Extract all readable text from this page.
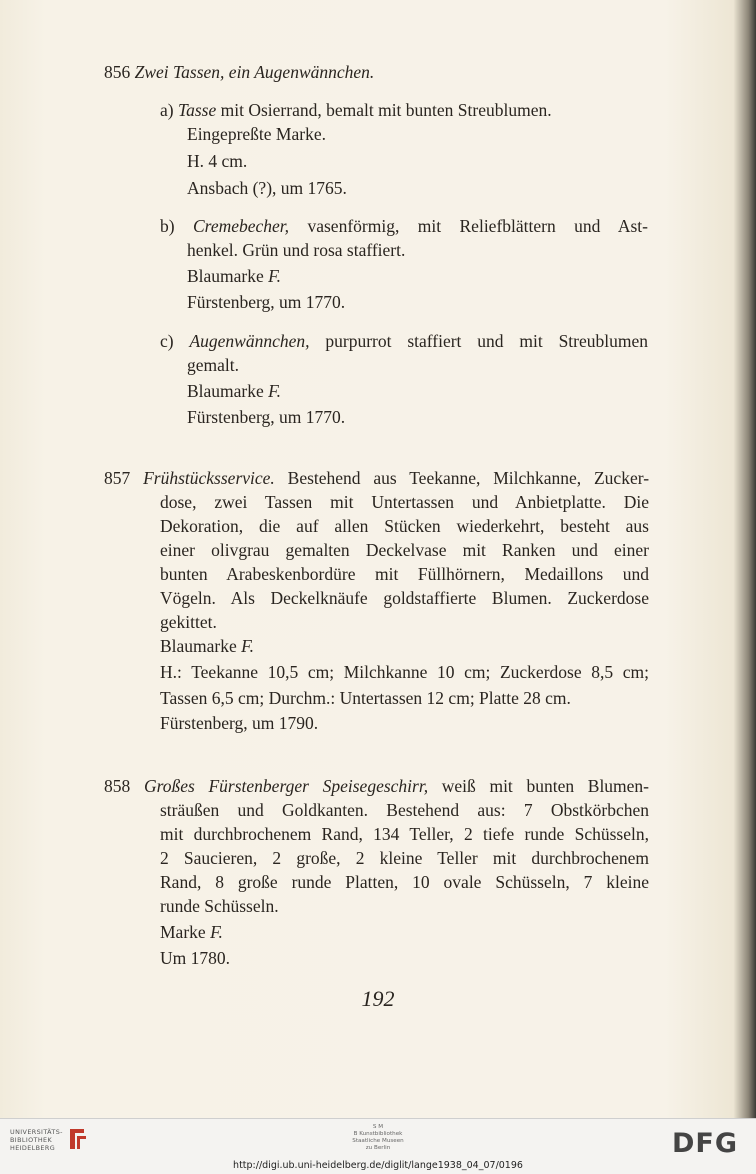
856 Zwei Tassen, ein Augenwännchen.
a) Tasse mit Osierrand, bemalt mit bunten Streublumen.
Eingepreßte Marke.
H. 4 cm.
Ansbach (?), um 1765.
b) Cremebecher, vasenförmig, mit Reliefblättern und Ast-
henkel. Grün und rosa staffiert.
Blaumarke F.
Fürstenberg, um 1770.
c) Augenwännchen, purpurrot staffiert und mit Streublumen
gemalt.
Blaumarke F.
Fürstenberg, um 1770.
857 Frühstücksservice. Bestehend aus Teekanne, Milchkanne, Zucker-
dose, zwei Tassen mit Untertassen und Anbietplatte. Die
Dekoration, die auf allen Stücken wiederkehrt, besteht aus
einer olivgrau gemalten Deckelvase mit Ranken und einer
bunten Arabeskenbordüre mit Füllhörnern, Medaillons und
Vögeln. Als Deckelknäufe goldstaffierte Blumen. Zuckerdose
gekittet.
Blaumarke F.
H.: Teekanne 10,5 cm; Milchkanne 10 cm; Zuckerdose 8,5 cm;
Tassen 6,5 cm; Durchm.: Untertassen 12 cm; Platte 28 cm.
Fürstenberg, um 1790.
858 Großes Fürstenberger Speisegeschirr, weiß mit bunten Blumen-
sträußen und Goldkanten. Bestehend aus: 7 Obstkörbchen
mit durchbrochenem Rand, 134 Teller, 2 tiefe runde Schüsseln,
2 Saucieren, 2 große, 2 kleine Teller mit durchbrochenem
Rand, 8 große runde Platten, 10 ovale Schüsseln, 7 kleine
runde Schüsseln.
Marke F.
Um 1780.
192
UNIVERSITÄTS-
BIBLIOTHEK
HEIDELBERG
S M
B Kunstbibliothek
Staatliche Museen
zu Berlin	DFG
http://digi.ub.uni-heidelberg.de/diglit/lange1938_04_07/0196
